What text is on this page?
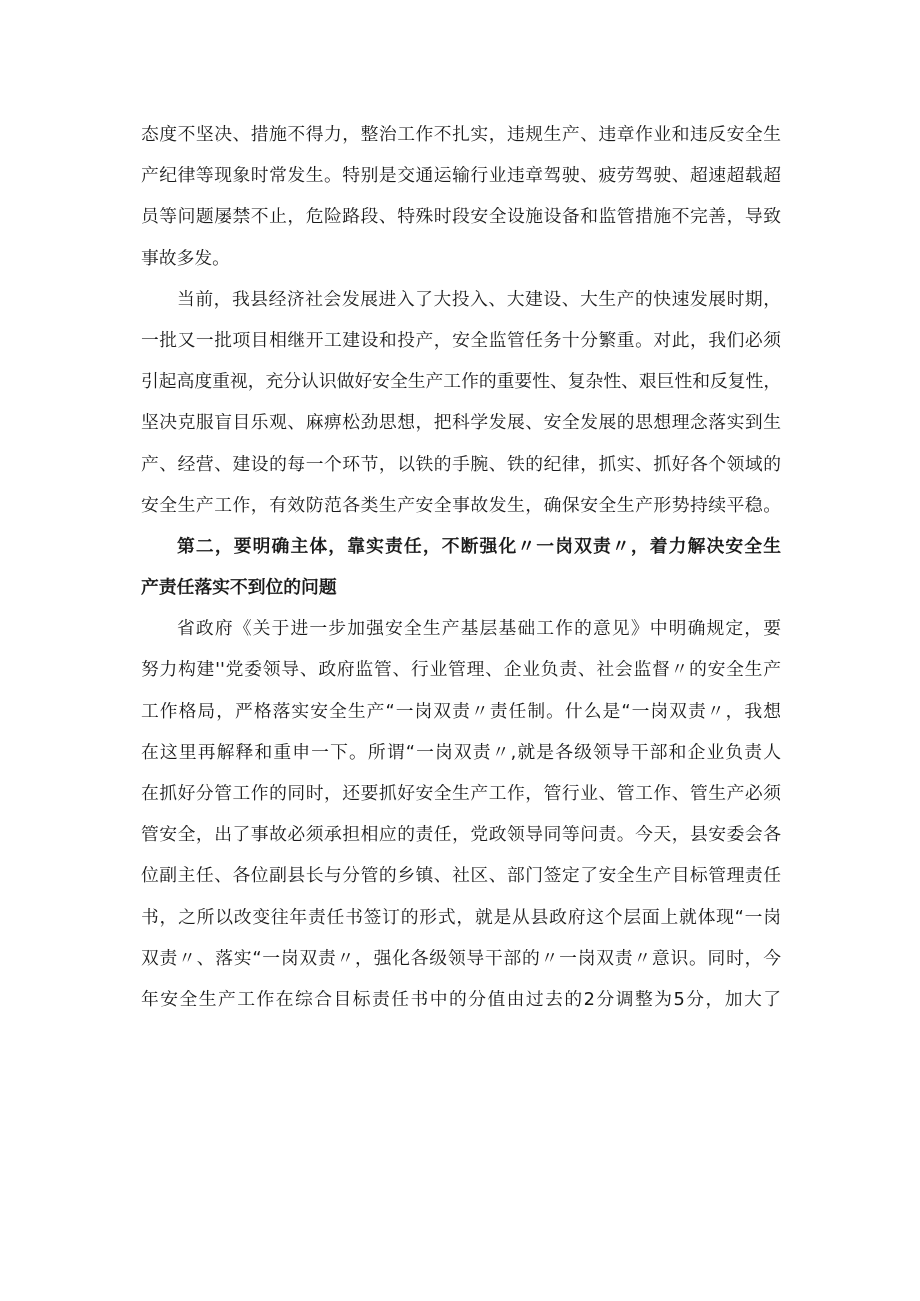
态度不坚决、措施不得力，整治工作不扎实，违规生产、违章作业和违反安全生
产纪律等现象时常发生。特别是交通运输行业违章驾驶、疲劳驾驶、超速超载超
员等问题屡禁不止，危险路段、特殊时段安全设施设备和监管措施不完善，导致
事故多发。
当前，我县经济社会发展进入了大投入、大建设、大生产的快速发展时期，
一批又一批项目相继开工建设和投产，安全监管任务十分繁重。对此，我们必须
引起高度重视，充分认识做好安全生产工作的重要性、复杂性、艰巨性和反复性，
坚决克服盲目乐观、麻痹松劲思想，把科学发展、安全发展的思想理念落实到生
产、经营、建设的每一个环节，以铁的手腕、铁的纪律，抓实、抓好各个领域的
安全生产工作，有效防范各类生产安全事故发生，确保安全生产形势持续平稳。
第二，要明确主体，靠实责任，不断强化〃一岗双责〃，着力解决安全生
产责任落实不到位的问题
省政府《关于进一步加强安全生产基层基础工作的意见》中明确规定，要
努力构建''党委领导、政府监管、行业管理、企业负责、社会监督〃的安全生产
工作格局，严格落实安全生产“一岗双责〃责任制。什么是“一岗双责〃，我想
在这里再解释和重申一下。所谓“一岗双责〃,就是各级领导干部和企业负责人
在抓好分管工作的同时，还要抓好安全生产工作，管行业、管工作、管生产必须
管安全，出了事故必须承担相应的责任，党政领导同等问责。今天，县安委会各
位副主任、各位副县长与分管的乡镇、社区、部门签定了安全生产目标管理责任
书，之所以改变往年责任书签订的形式，就是从县政府这个层面上就体现“一岗
双责〃、落实“一岗双责〃，强化各级领导干部的〃一岗双责〃意识。同时，今
年安全生产工作在综合目标责任书中的分值由过去的2分调整为5分，加大了
